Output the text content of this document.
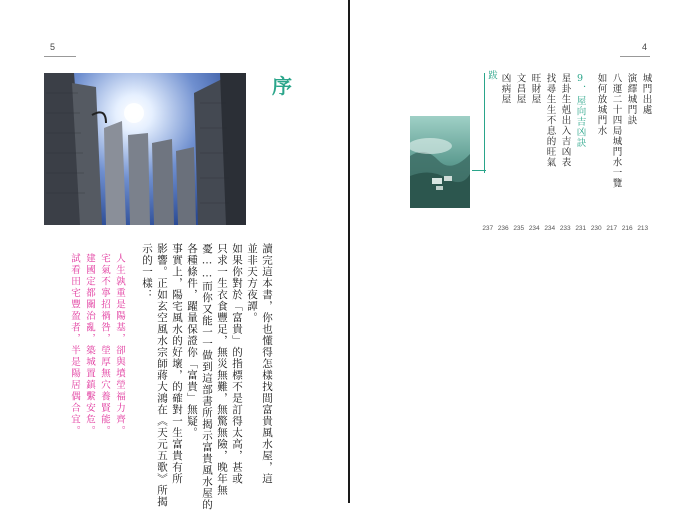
5
序
讀完這本書，你也懂得怎樣找間富貴風水屋，這
並非天方夜譚。
如果你對於「富貴」的指標不是訂得太高，甚或
只求一生衣食豐足，無災無難，無驚無險，晚年無
憂……而你又能一一做到這部書所揭示富貴風水屋的
各種條件，躍量保證你「富貴」無疑。
事實上，陽宅風水的好壞，的確對一生富貴有所
影響。正如玄空風水宗師蔣大鴻在《天元五歌》所揭
示的一樣：
人生孰重是陽基，卻與墳塋福力齊。
宅氣不寧招禍咎，塋厚無穴養賢能。
建國定都關治亂，築城置鎮繫安危。
試看田宅豐盈者，半是陽居偶合宜。
4
城門出處
演繹城門訣
八運二十四局城門水一覽
如何放城門水
9．屋向吉凶訣
星卦生剋出入吉凶表
找尋生生不息的旺氣
旺財屋
文昌屋
凶病屋
跋
237 236 235 234 234 233 231 230 217 216 213
